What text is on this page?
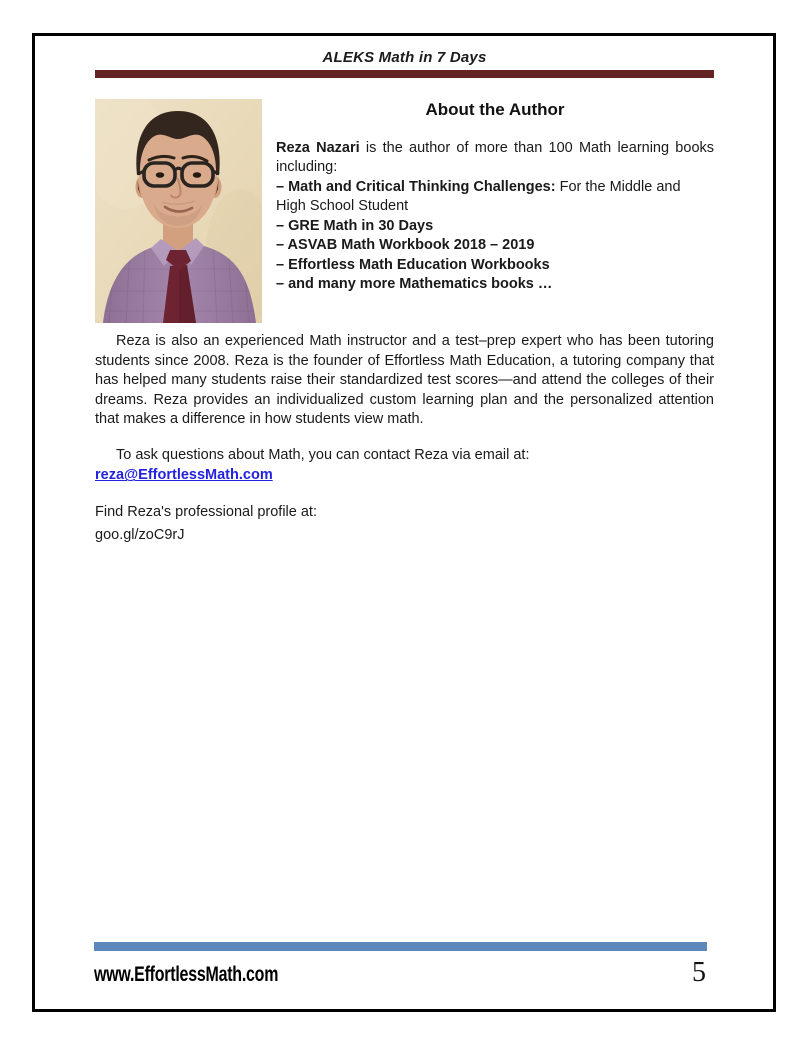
ALEKS Math in 7 Days
About the Author
Reza Nazari is the author of more than 100 Math learning books including:
– Math and Critical Thinking Challenges: For the Middle and High School Student
– GRE Math in 30 Days
– ASVAB Math Workbook 2018 – 2019
– Effortless Math Education Workbooks
– and many more Mathematics books …

Reza is also an experienced Math instructor and a test–prep expert who has been tutoring students since 2008. Reza is the founder of Effortless Math Education, a tutoring company that has helped many students raise their standardized test scores—and attend the colleges of their dreams. Reza provides an individualized custom learning plan and the personalized attention that makes a difference in how students view math.

To ask questions about Math, you can contact Reza via email at:

reza@EffortlessMath.com

Find Reza's professional profile at:

goo.gl/zoC9rJ

www.EffortlessMath.com	5
